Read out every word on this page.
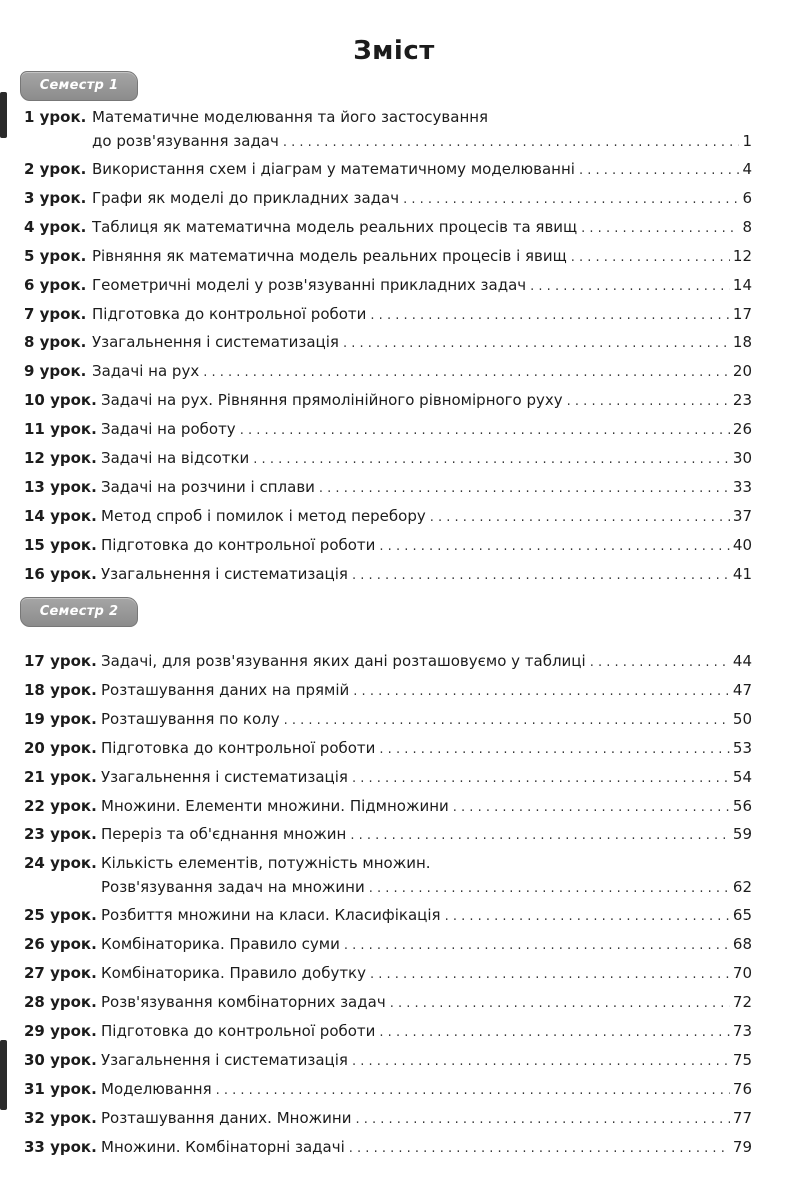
Зміст
Семестр 1
Семестр 2
1 урок. Математичне моделювання та його застосування
до розв'язування задач . . .	1
2 урок. Використання схем і діаграм у математичному моделюванні . . .	4
3 урок. Графи як моделі до прикладних задач . . .	6
4 урок. Таблиця як математична модель реальних процесів та явищ . . .	8
5 урок. Рівняння як математична модель реальних процесів і явищ . . .	12
6 урок. Геометричні моделі у розв'язуванні прикладних задач . . .	14
7 урок. Підготовка до контрольної роботи . . .	17
8 урок. Узагальнення і систематизація . . .	18
9 урок. Задачі на рух . . .	20
10 урок. Задачі на рух. Рівняння прямолінійного рівномірного руху . . .	23
11 урок. Задачі на роботу . . .	26
12 урок. Задачі на відсотки . . .	30
13 урок. Задачі на розчини і сплави . . .	33
14 урок. Метод спроб і помилок і метод перебору . . .	37
15 урок. Підготовка до контрольної роботи . . .	40
16 урок. Узагальнення і систематизація . . .	41
17 урок. Задачі, для розв'язування яких дані розташовуємо у таблиці . . .	44
18 урок. Розташування даних на прямій . . .	47
19 урок. Розташування по колу . . .	50
20 урок. Підготовка до контрольної роботи . . .	53
21 урок. Узагальнення і систематизація . . .	54
22 урок. Множини. Елементи множини. Підмножини . . .	56
23 урок. Переріз та об'єднання множин . . .	59
24 урок. Кількість елементів, потужність множин.
Розв'язування задач на множини . . .	62
25 урок. Розбиття множини на класи. Класифікація . . .	65
26 урок. Комбінаторика. Правило суми . . .	68
27 урок. Комбінаторика. Правило добутку . . .	70
28 урок. Розв'язування комбінаторних задач . . .	72
29 урок. Підготовка до контрольної роботи . . .	73
30 урок. Узагальнення і систематизація . . .	75
31 урок. Моделювання . . .	76
32 урок. Розташування даних. Множини . . .	77
33 урок. Множини. Комбінаторні задачі . . .	79
